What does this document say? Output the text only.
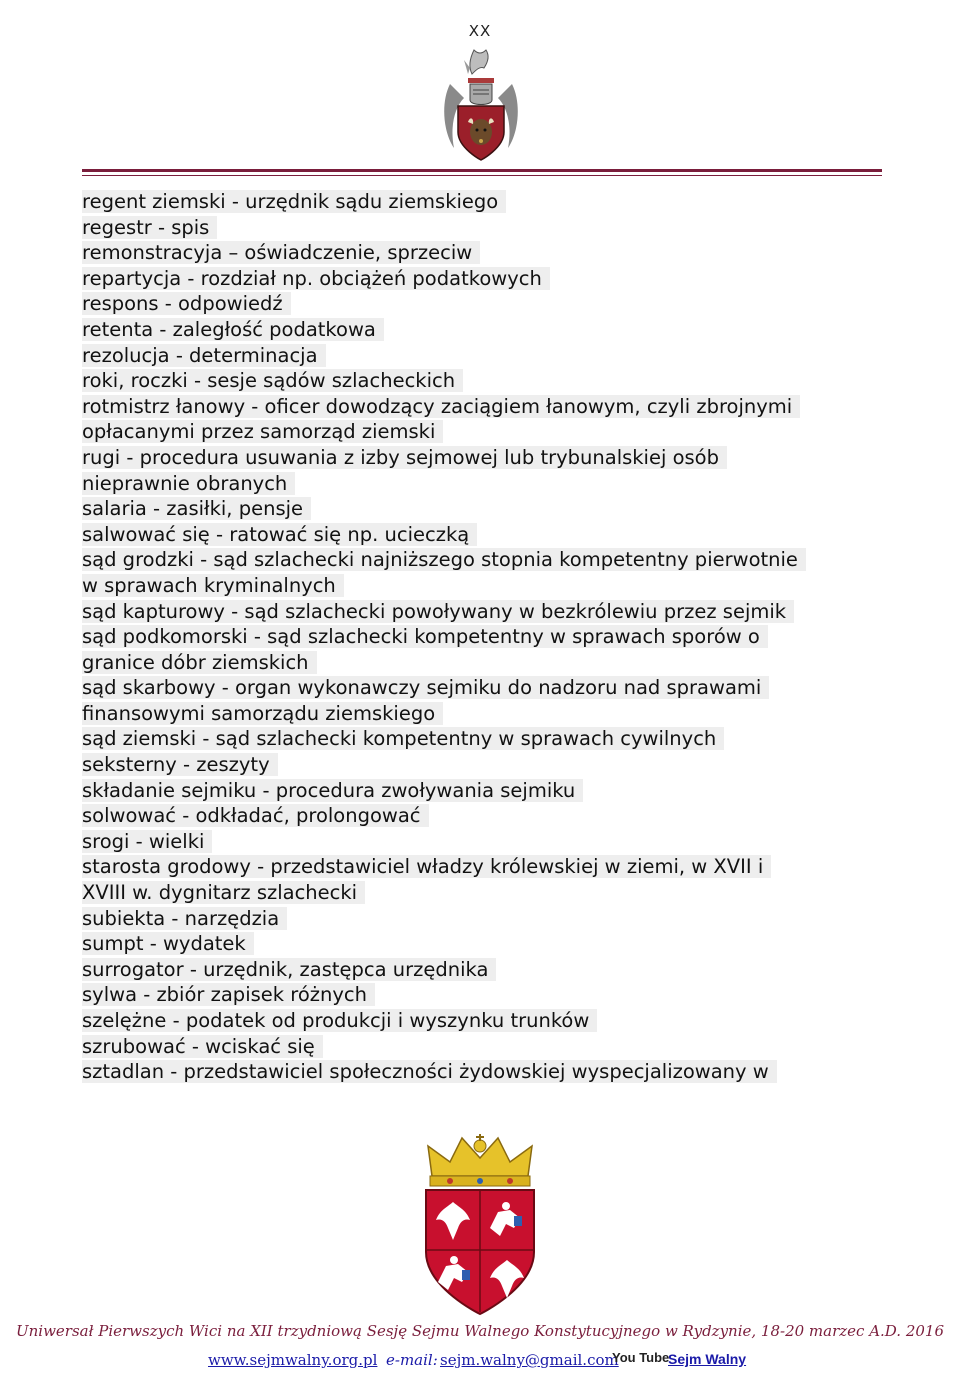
XX
regent ziemski - urzędnik sądu ziemskiego
regestr - spis
remonstracyja – oświadczenie, sprzeciw
repartycja - rozdział np. obciążeń podatkowych
respons - odpowiedź
retenta - zaległość podatkowa
rezolucja - determinacja
roki, roczki - sesje sądów szlacheckich
rotmistrz łanowy - oficer dowodzący zaciągiem łanowym, czyli zbrojnymi
opłacanymi przez samorząd ziemski
rugi - procedura usuwania z izby sejmowej lub trybunalskiej osób
nieprawnie obranych
salaria - zasiłki, pensje
salwować się - ratować się np. ucieczką
sąd grodzki - sąd szlachecki najniższego stopnia kompetentny pierwotnie
w sprawach kryminalnych
sąd kapturowy - sąd szlachecki powoływany w bezkrólewiu przez sejmik
sąd podkomorski - sąd szlachecki kompetentny w sprawach sporów o
granice dóbr ziemskich
sąd skarbowy - organ wykonawczy sejmiku do nadzoru nad sprawami
finansowymi samorządu ziemskiego
sąd ziemski - sąd szlachecki kompetentny w sprawach cywilnych
seksterny - zeszyty
składanie sejmiku - procedura zwoływania sejmiku
solwować - odkładać, prolongować
srogi - wielki
starosta grodowy - przedstawiciel władzy królewskiej w ziemi, w XVII i
XVIII w. dygnitarz szlachecki
subiekta - narzędzia
sumpt - wydatek
surrogator - urzędnik, zastępca urzędnika
sylwa - zbiór zapisek różnych
szelężne - podatek od produkcji i wyszynku trunków
szrubować - wciskać się
sztadlan - przedstawiciel społeczności żydowskiej wyspecjalizowany w
Uniwersał Pierwszych Wici na XII trzydniową Sesję Sejmu Walnego Konstytucyjnego w Rydzynie, 18-20 marzec A.D. 2016
www.sejmwalny.org.pl e-mail: sejm.walny@gmail.com
You Tube
Sejm Walny
